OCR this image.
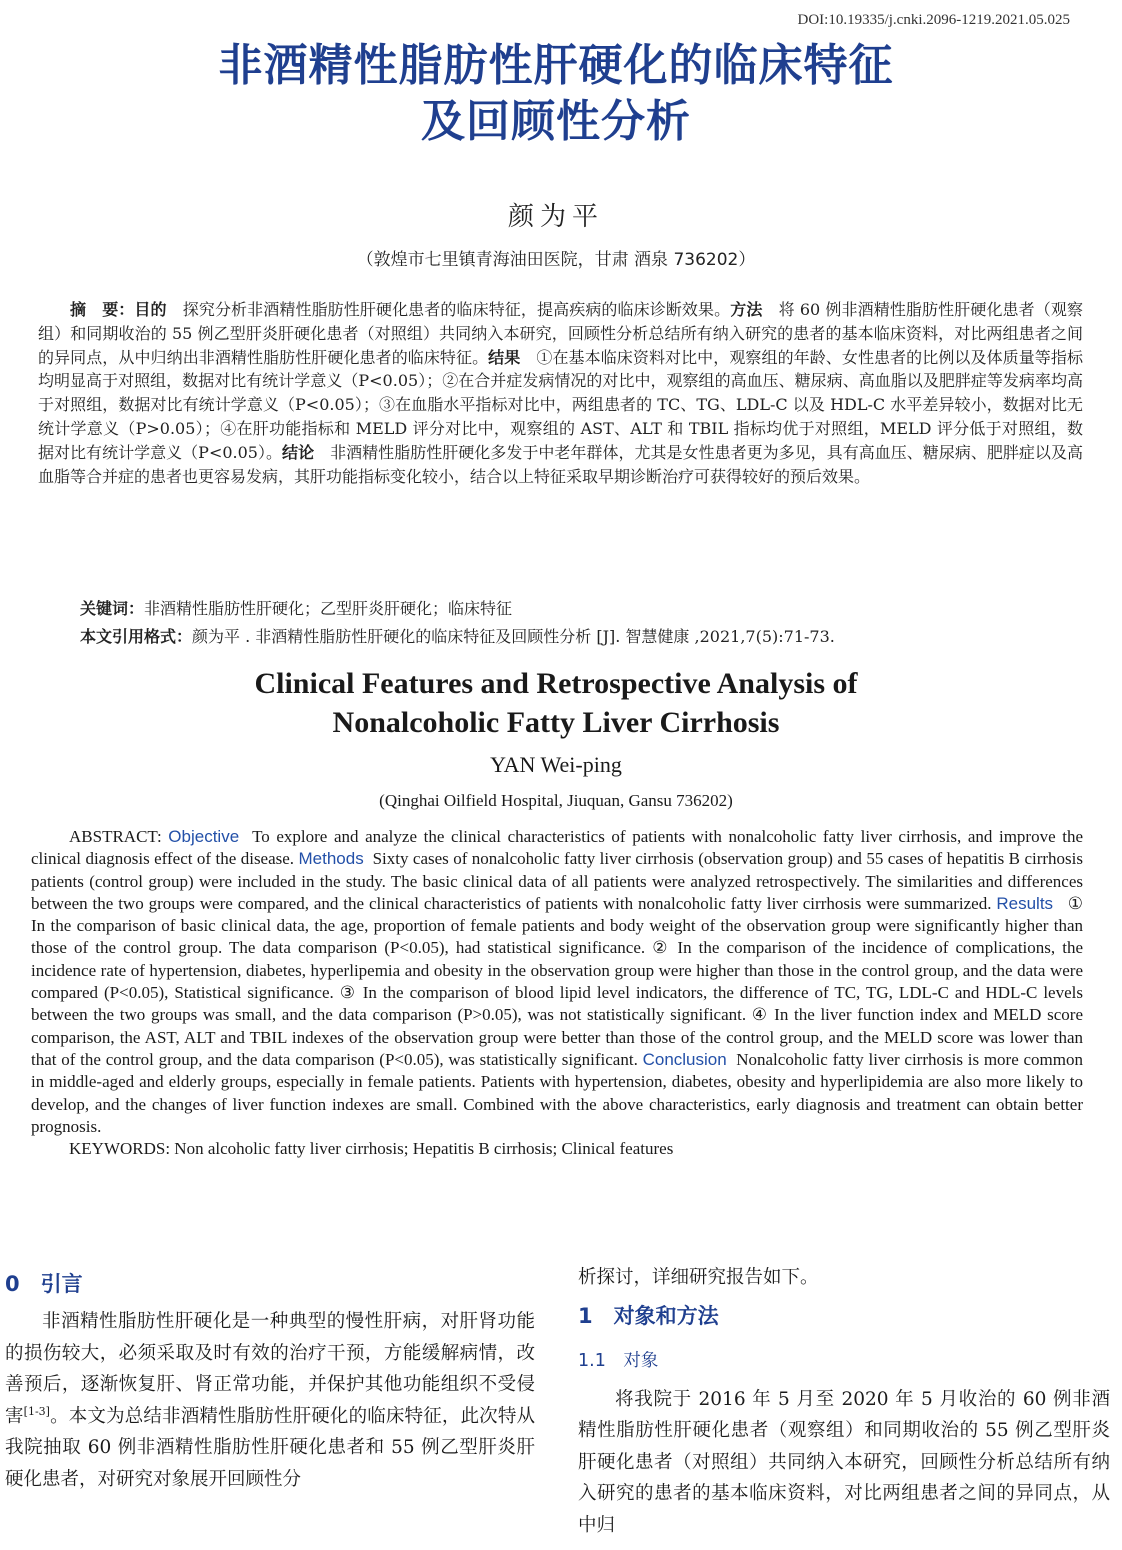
DOI:10.19335/j.cnki.2096-1219.2021.05.025
非酒精性脂肪性肝硬化的临床特征
及回顾性分析
颜为平
（敦煌市七里镇青海油田医院，甘肃 酒泉 736202）

摘　要：目的　 探究分析非酒精性脂肪性肝硬化患者的临床特征，提高疾病的临床诊断效果。方法　 将 60 例非酒精性脂肪性肝硬化患者（观察组）和同期收治的 55 例乙型肝炎肝硬化患者（对照组）共同纳入本研究，回顾性分析总结所有纳入研究的患者的基本临床资料，对比两组患者之间的异同点，从中归纳出非酒精性脂肪性肝硬化患者的临床特征。结果　 ①在基本临床资料对比中，观察组的年龄、女性患者的比例以及体质量等指标均明显高于对照组，数据对比有统计学意义（P<0.05）；②在合并症发病情况的对比中，观察组的高血压、糖尿病、高血脂以及肥胖症等发病率均高于对照组，数据对比有统计学意义（P<0.05）；③在血脂水平指标对比中，两组患者的 TC、TG、LDL-C 以及 HDL-C 水平差异较小，数据对比无统计学意义（P>0.05）；④在肝功能指标和 MELD 评分对比中，观察组的 AST、ALT 和 TBIL 指标均优于对照组，MELD 评分低于对照组，数据对比有统计学意义（P<0.05）。结论　 非酒精性脂肪性肝硬化多发于中老年群体，尤其是女性患者更为多见，具有高血压、糖尿病、肥胖症以及高血脂等合并症的患者也更容易发病，其肝功能指标变化较小，结合以上特征采取早期诊断治疗可获得较好的预后效果。

关键词：非酒精性脂肪性肝硬化；乙型肝炎肝硬化；临床特征
本文引用格式：颜为平 . 非酒精性脂肪性肝硬化的临床特征及回顾性分析 [J]. 智慧健康 ,2021,7(5):71-73.
Clinical Features and Retrospective Analysis of
Nonalcoholic Fatty Liver Cirrhosis
YAN Wei-ping
(Qinghai Oilfield Hospital, Jiuquan, Gansu 736202)

ABSTRACT: Objective To explore and analyze the clinical characteristics of patients with nonalcoholic fatty liver cirrhosis, and improve the clinical diagnosis effect of the disease. Methods Sixty cases of nonalcoholic fatty liver cirrhosis (observation group) and 55 cases of hepatitis B cirrhosis patients (control group) were included in the study. The basic clinical data of all patients were analyzed retrospectively. The similarities and differences between the two groups were compared, and the clinical characteristics of patients with nonalcoholic fatty liver cirrhosis were summarized. Results ① In the comparison of basic clinical data, the age, proportion of female patients and body weight of the observation group were significantly higher than those of the control group. The data comparison (P<0.05), had statistical significance. ② In the comparison of the incidence of complications, the incidence rate of hypertension, diabetes, hyperlipemia and obesity in the observation group were higher than those in the control group, and the data were compared (P<0.05), Statistical significance. ③ In the comparison of blood lipid level indicators, the difference of TC, TG, LDL-C and HDL-C levels between the two groups was small, and the data comparison (P>0.05), was not statistically significant. ④ In the liver function index and MELD score comparison, the AST, ALT and TBIL indexes of the observation group were better than those of the control group, and the MELD score was lower than that of the control group, and the data comparison (P<0.05), was statistically significant. Conclusion Nonalcoholic fatty liver cirrhosis is more common in middle-aged and elderly groups, especially in female patients. Patients with hypertension, diabetes, obesity and hyperlipidemia are also more likely to develop, and the changes of liver function indexes are small. Combined with the above characteristics, early diagnosis and treatment can obtain better prognosis.

KEYWORDS: Non alcoholic fatty liver cirrhosis; Hepatitis B cirrhosis; Clinical features

0　引言

非酒精性脂肪性肝硬化是一种典型的慢性肝病，对肝肾功能的损伤较大，必须采取及时有效的治疗干预，方能缓解病情，改善预后，逐渐恢复肝、肾正常功能，并保护其他功能组织不受侵害[1-3]。本文为总结非酒精性脂肪性肝硬化的临床特征，此次特从我院抽取 60 例非酒精性脂肪性肝硬化患者和 55 例乙型肝炎肝硬化患者，对研究对象展开回顾性分

析探讨，详细研究报告如下。

1　对象和方法
1.1　对象

将我院于 2016 年 5 月至 2020 年 5 月收治的 60 例非酒精性脂肪性肝硬化患者（观察组）和同期收治的 55 例乙型肝炎肝硬化患者（对照组）共同纳入本研究，回顾性分析总结所有纳入研究的患者的基本临床资料，对比两组患者之间的异同点，从中归
